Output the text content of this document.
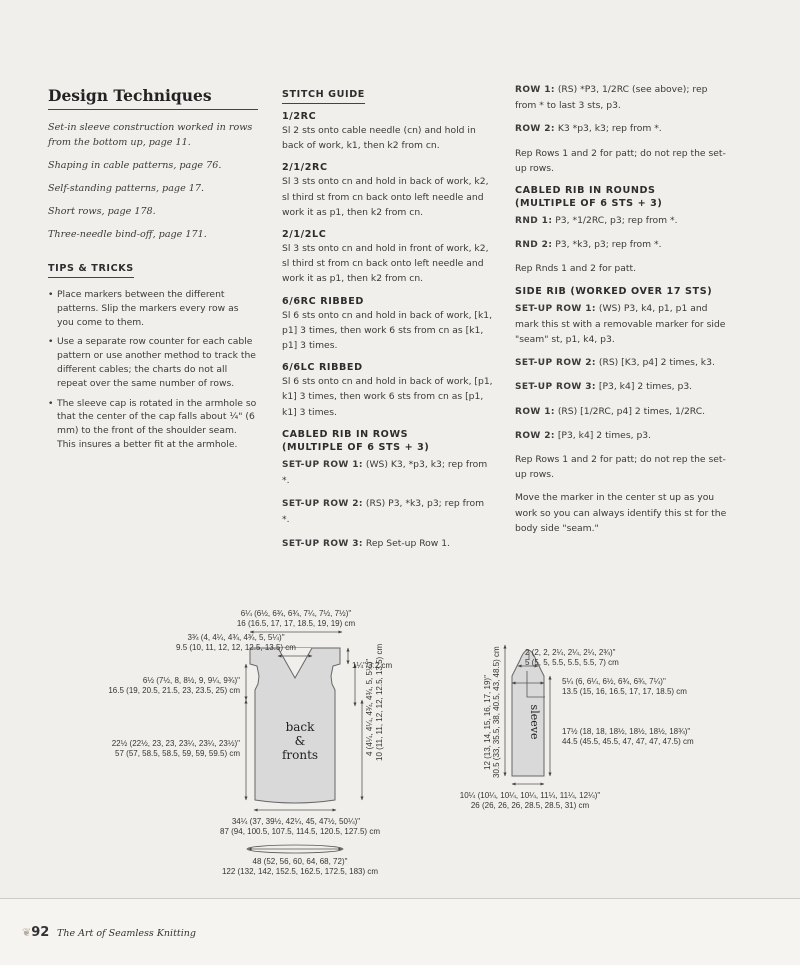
Design Techniques

Set-in sleeve construction worked in rows from the bottom up, page 11.

Shaping in cable patterns, page 76.

Self-standing patterns, page 17.

Short rows, page 178.

Three-needle bind-off, page 171.

TIPS & TRICKS
• Place markers between the different patterns. Slip the markers every row as you come to them.
• Use a separate row counter for each cable pattern or use another method to track the different cables; the charts do not all repeat over the same number of rows.
• The sleeve cap is rotated in the armhole so that the center of the cap falls about ¼" (6 mm) to the front of the shoulder seam. This insures a better fit at the armhole.
STITCH GUIDE
1/2RC

Sl 2 sts onto cable needle (cn) and hold in back of work, k1, then k2 from cn.

2/1/2RC

Sl 3 sts onto cn and hold in back of work, k2, sl third st from cn back onto left needle and work it as p1, then k2 from cn.

2/1/2LC

Sl 3 sts onto cn and hold in front of work, k2, sl third st from cn back onto left needle and work it as p1, then k2 from cn.

6/6RC RIBBED

Sl 6 sts onto cn and hold in back of work, [k1, p1] 3 times, then work 6 sts from cn as [k1, p1] 3 times.

6/6LC RIBBED

Sl 6 sts onto cn and hold in back of work, [p1, k1] 3 times, then work 6 sts from cn as [p1, k1] 3 times.

CABLED RIB IN ROWS
(MULTIPLE OF 6 STS + 3)

SET-UP ROW 1: (WS) K3, *p3, k3; rep from *.

SET-UP ROW 2: (RS) P3, *k3, p3; rep from *.

SET-UP ROW 3: Rep Set-up Row 1.

ROW 1: (RS) *P3, 1/2RC (see above); rep from * to last 3 sts, p3.

ROW 2: K3 *p3, k3; rep from *.

Rep Rows 1 and 2 for patt; do not rep the set-up rows.

CABLED RIB IN ROUNDS
(MULTIPLE OF 6 STS + 3)

RND 1: P3, *1/2RC, p3; rep from *.

RND 2: P3, *k3, p3; rep from *.

Rep Rnds 1 and 2 for patt.

SIDE RIB (WORKED OVER 17 STS)

SET-UP ROW 1: (WS) P3, k4, p1, p1 and mark this st with a removable marker for side "seam" st, p1, k4, p3.

SET-UP ROW 2: (RS) [K3, p4] 2 times, k3.

SET-UP ROW 3: [P3, k4] 2 times, p3.

ROW 1: (RS) [1/2RC, p4] 2 times, 1/2RC.

ROW 2: [P3, k4] 2 times, p3.

Rep Rows 1 and 2 for patt; do not rep the set-up rows.

Move the marker in the center st up as you work so you can always identify this st for the body side "seam."

6¼ (6½, 6¾, 6¾, 7¼, 7½, 7½)"
16 (16.5, 17, 17, 18.5, 19, 19) cm
3¾ (4, 4¼, 4¾, 4¾, 5, 5¼)"
9.5 (10, 11, 12, 12, 12.5, 13.5) cm
1¼"/3.2 cm
6½ (7½, 8, 8½, 9, 9¼, 9¾)"
16.5 (19, 20.5, 21.5, 23, 23.5, 25) cm
22½ (22½, 23, 23, 23¼, 23¼, 23½)"
57 (57, 58.5, 58.5, 59, 59, 59.5) cm	4 (4¼, 4¼, 4¾, 4¾, 5, 5¼)" 10 (11, 11, 12, 12, 12.5, 13.5) cm
34¼ (37, 39½, 42¼, 45, 47½, 50¼)"
87 (94, 100.5, 107.5, 114.5, 120.5, 127.5) cm
48 (52, 56, 60, 64, 68, 72)"
122 (132, 142, 152.5, 162.5, 172.5, 183) cm
2 (2, 2, 2¼, 2¼, 2¼, 2¾)"
5 (5, 5, 5.5, 5.5, 5.5, 7) cm
5¼ (6, 6¼, 6½, 6¾, 6¾, 7¼)"
13.5 (15, 16, 16.5, 17, 17, 18.5) cm
17½ (18, 18, 18½, 18½, 18½, 18¾)"
44.5 (45.5, 45.5, 47, 47, 47, 47.5) cm
12 (13, 14, 15, 16, 17, 19)" 30.5 (33, 35.5, 38, 40.5, 43, 48.5) cm
10¼ (10¼, 10¼, 10¼, 11¼, 11¼, 12¼)"
26 (26, 26, 26, 28.5, 28.5, 31) cm
back
&
fronts
sleeve
❦92 The Art of Seamless Knitting
